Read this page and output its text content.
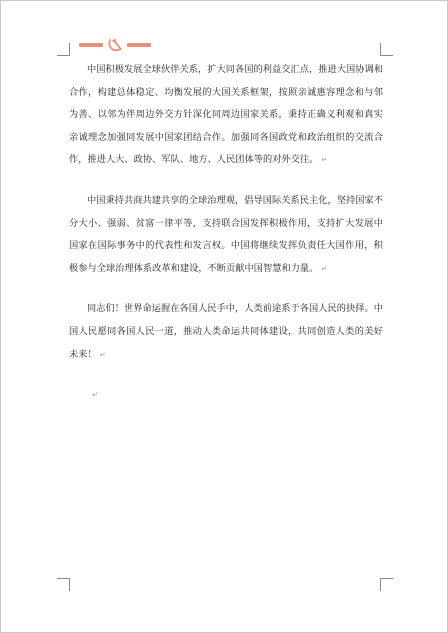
中国积极发展全球伙伴关系，扩大同各国的利益交汇点，推进大国协调和合作，构建总体稳定、均衡发展的大国关系框架，按照亲诚惠容理念和与邻为善、以邻为伴周边外交方针深化同周边国家关系，秉持正确义利观和真实亲诚理念加强同发展中国家团结合作。加强同各国政党和政治组织的交流合作，推进人大、政协、军队、地方、人民团体等的对外交往。 ↵

中国秉持共商共建共享的全球治理观，倡导国际关系民主化，坚持国家不分大小、强弱、贫富一律平等，支持联合国发挥积极作用，支持扩大发展中国家在国际事务中的代表性和发言权。中国将继续发挥负责任大国作用，积极参与全球治理体系改革和建设，不断贡献中国智慧和力量。 ↵

同志们！世界命运握在各国人民手中，人类前途系于各国人民的抉择。中国人民愿同各国人民一道，推动人类命运共同体建设，共同创造人类的美好未来！ ↵

↵
